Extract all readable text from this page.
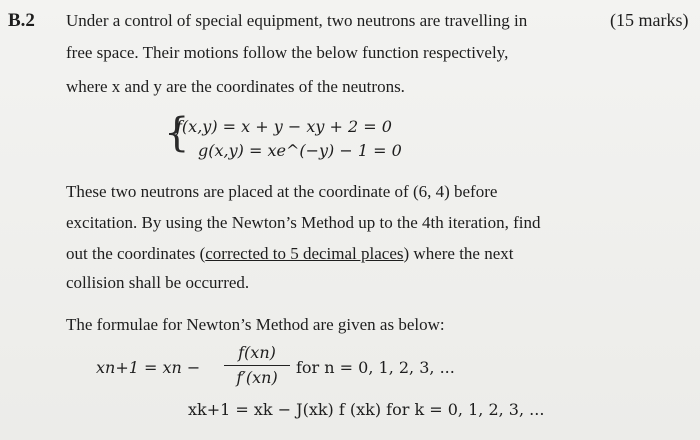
B.2	(15 marks)
Under a control of special equipment, two neutrons are travelling in
free space. Their motions follow the below function respectively,
where x and y are the coordinates of the neutrons.
{
f(x,y) = x + y − xy + 2 = 0
g(x,y) = xe^(−y) − 1 = 0
These two neutrons are placed at the coordinate of (6, 4) before
excitation. By using the Newton’s Method up to the 4th iteration, find
out the coordinates (corrected to 5 decimal places) where the next
collision shall be occurred.
The formulae for Newton’s Method are given as below:
xn+1 = xn −
f(xn)
f′(xn)
for n = 0, 1, 2, 3, ...
xk+1 = xk − J(xk) f (xk) for k = 0, 1, 2, 3, ...
